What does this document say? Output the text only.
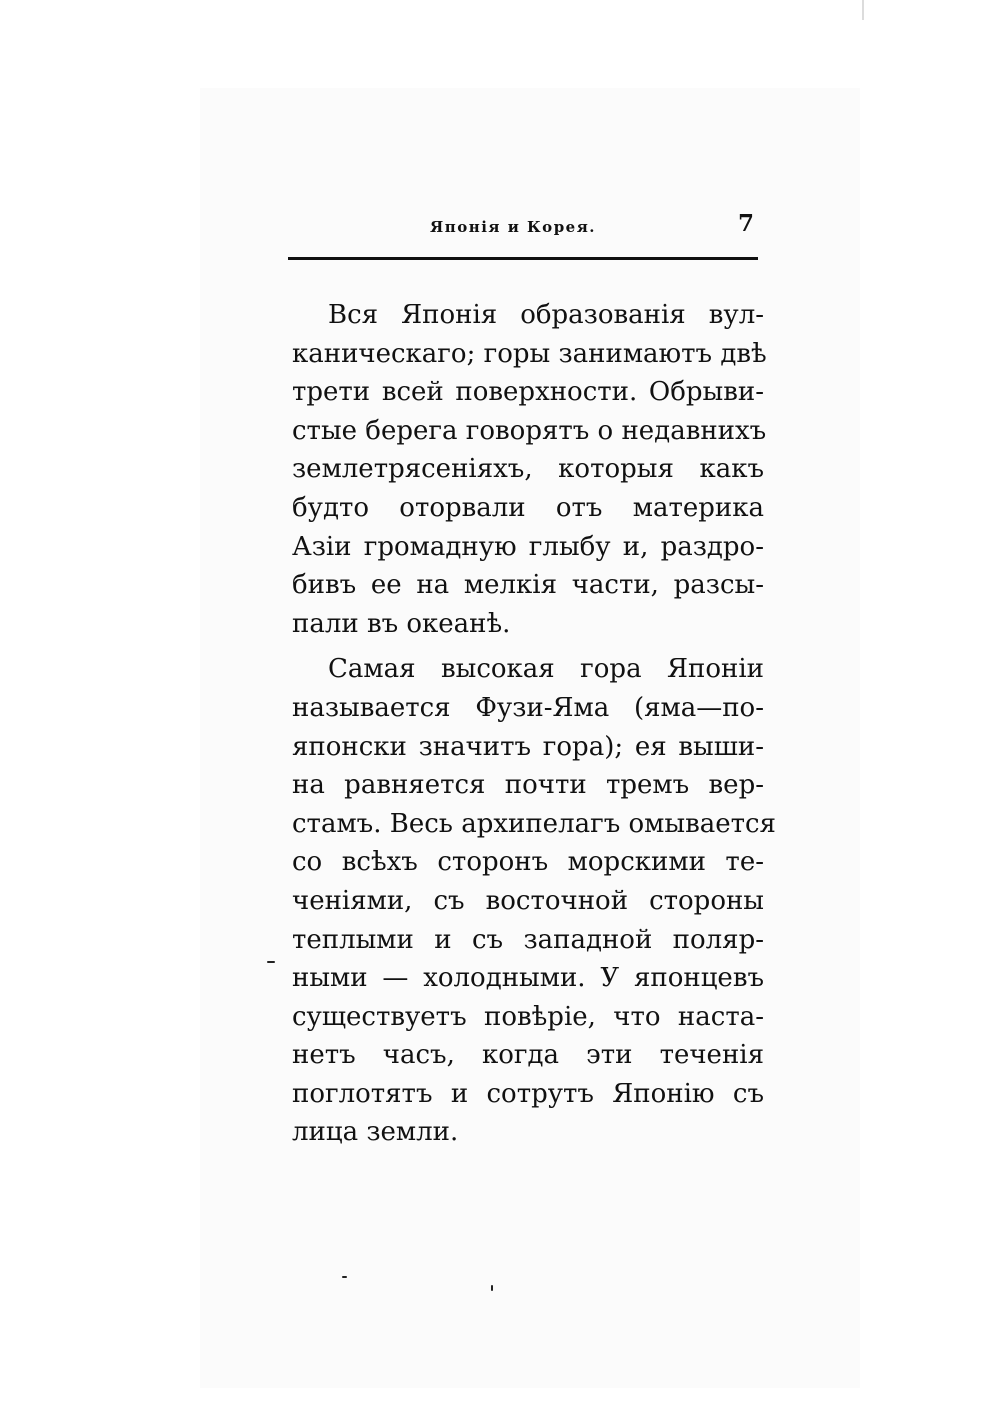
Японія и Корея.	7
Вся Японія образованія вул-
каническаго; горы занимаютъ двѣ
трети всей поверхности. Обрыви-
стые берега говорятъ о недавнихъ
землетрясеніяхъ, которыя какъ
будто оторвали отъ материка
Азіи громадную глыбу и, раздро-
бивъ ее на мелкія части, разсы-
пали въ океанѣ.
Самая высокая гора Японіи
называется Фузи-Яма (яма—по-
японски значитъ гора); ея выши-
на равняется почти тремъ вер-
стамъ. Весь архипелагъ омывается
со всѣхъ сторонъ морскими те-
ченіями, съ восточной стороны
теплыми и съ западной поляр-
ными — холодными. У японцевъ
существуетъ повѣріе, что наста-
нетъ часъ, когда эти теченія
поглотятъ и сотрутъ Японію съ
лица земли.
